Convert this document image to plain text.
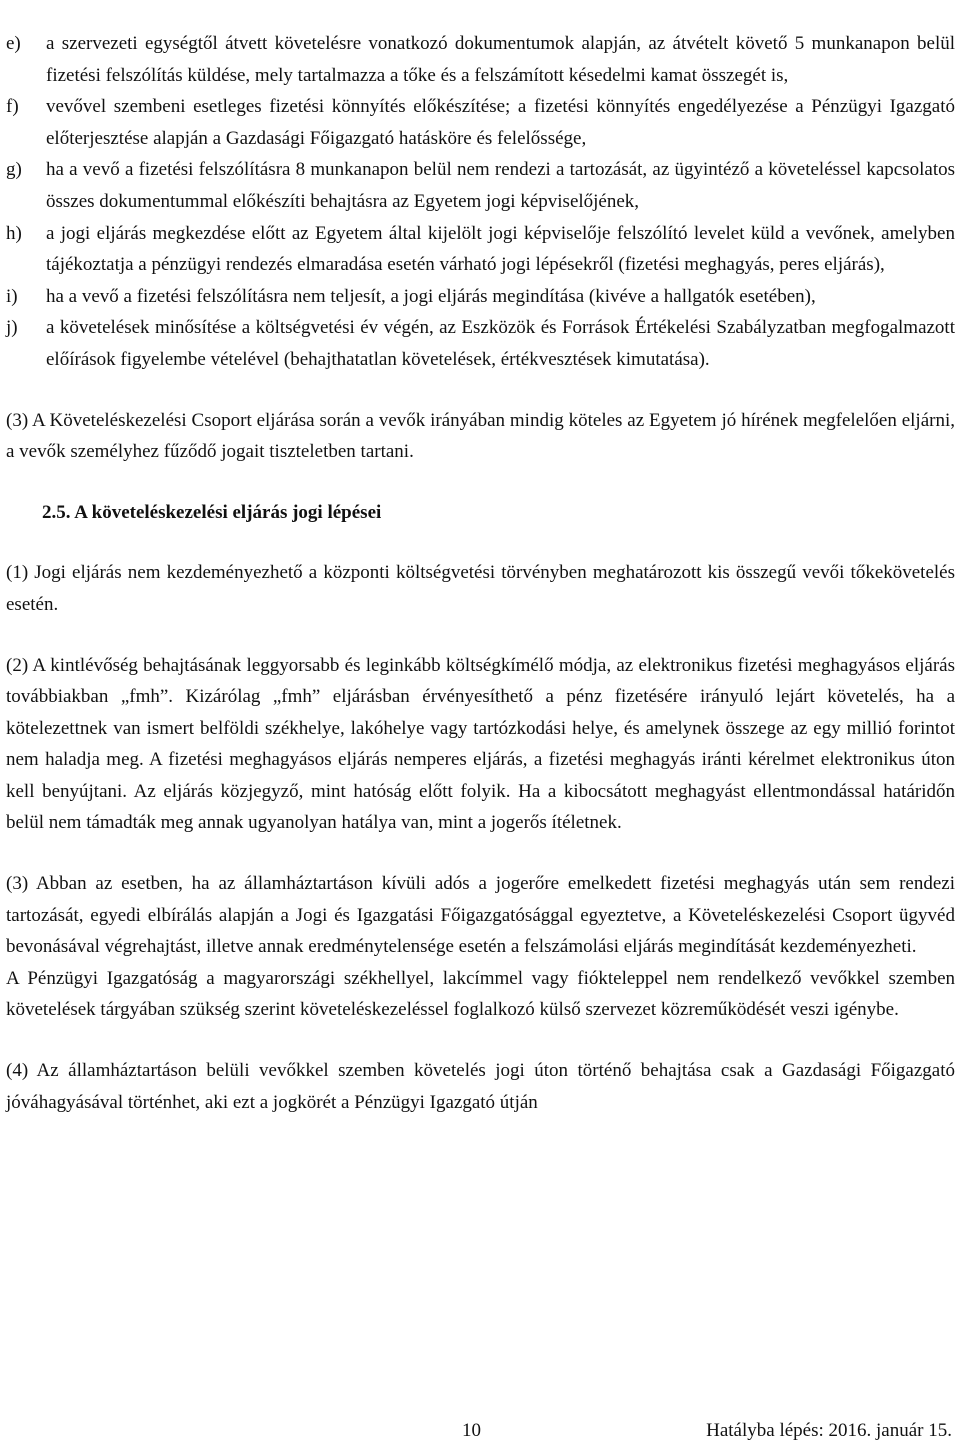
e)	a szervezeti egységtől átvett követelésre vonatkozó dokumentumok alapján, az átvételt követő 5 munkanapon belül fizetési felszólítás küldése, mely tartalmazza a tőke és a felszámított késedelmi kamat összegét is,
f)	vevővel szembeni esetleges fizetési könnyítés előkészítése; a fizetési könnyítés engedélyezése a Pénzügyi Igazgató előterjesztése alapján a Gazdasági Főigazgató hatásköre és felelőssége,
g)	ha a vevő a fizetési felszólításra 8 munkanapon belül nem rendezi a tartozását, az ügyintéző a követeléssel kapcsolatos összes dokumentummal előkészíti behajtásra az Egyetem jogi képviselőjének,
h)	a jogi eljárás megkezdése előtt az Egyetem által kijelölt jogi képviselője felszólító levelet küld a vevőnek, amelyben tájékoztatja a pénzügyi rendezés elmaradása esetén várható jogi lépésekről (fizetési meghagyás, peres eljárás),
i)	ha a vevő a fizetési felszólításra nem teljesít, a jogi eljárás megindítása (kivéve a hallgatók esetében),
j)	a követelések minősítése a költségvetési év végén, az Eszközök és Források Értékelési Szabályzatban megfogalmazott előírások figyelembe vételével (behajthatatlan követelések, értékvesztések kimutatása).

(3) A Követeléskezelési Csoport eljárása során a vevők irányában mindig köteles az Egyetem jó hírének megfelelően eljárni, a vevők személyhez fűződő jogait tiszteletben tartani.

2.5. A követeléskezelési eljárás jogi lépései

(1) Jogi eljárás nem kezdeményezhető a központi költségvetési törvényben meghatározott kis összegű vevői tőkekövetelés esetén.

(2) A kintlévőség behajtásának leggyorsabb és leginkább költségkímélő módja, az elektronikus fizetési meghagyásos eljárás továbbiakban „fmh”. Kizárólag „fmh” eljárásban érvényesíthető a pénz fizetésére irányuló lejárt követelés, ha a kötelezettnek van ismert belföldi székhelye, lakóhelye vagy tartózkodási helye, és amelynek összege az egy millió forintot nem haladja meg. A fizetési meghagyásos eljárás nemperes eljárás, a fizetési meghagyás iránti kérelmet elektronikus úton kell benyújtani. Az eljárás közjegyző, mint hatóság előtt folyik. Ha a kibocsátott meghagyást ellentmondással határidőn belül nem támadták meg annak ugyanolyan hatálya van, mint a jogerős ítéletnek.

(3) Abban az esetben, ha az államháztartáson kívüli adós a jogerőre emelkedett fizetési meghagyás után sem rendezi tartozását, egyedi elbírálás alapján a Jogi és Igazgatási Főigazgatósággal egyeztetve, a Követeléskezelési Csoport ügyvéd bevonásával végrehajtást, illetve annak eredménytelensége esetén a felszámolási eljárás megindítását kezdeményezheti.

A Pénzügyi Igazgatóság a magyarországi székhellyel, lakcímmel vagy fiókteleppel nem rendelkező vevőkkel szemben követelések tárgyában szükség szerint követeléskezeléssel foglalkozó külső szervezet közreműködését veszi igénybe.

(4) Az államháztartáson belüli vevőkkel szemben követelés jogi úton történő behajtása csak a Gazdasági Főigazgató jóváhagyásával történhet, aki ezt a jogkörét a Pénzügyi Igazgató útján

10	Hatályba lépés: 2016. január 15.
